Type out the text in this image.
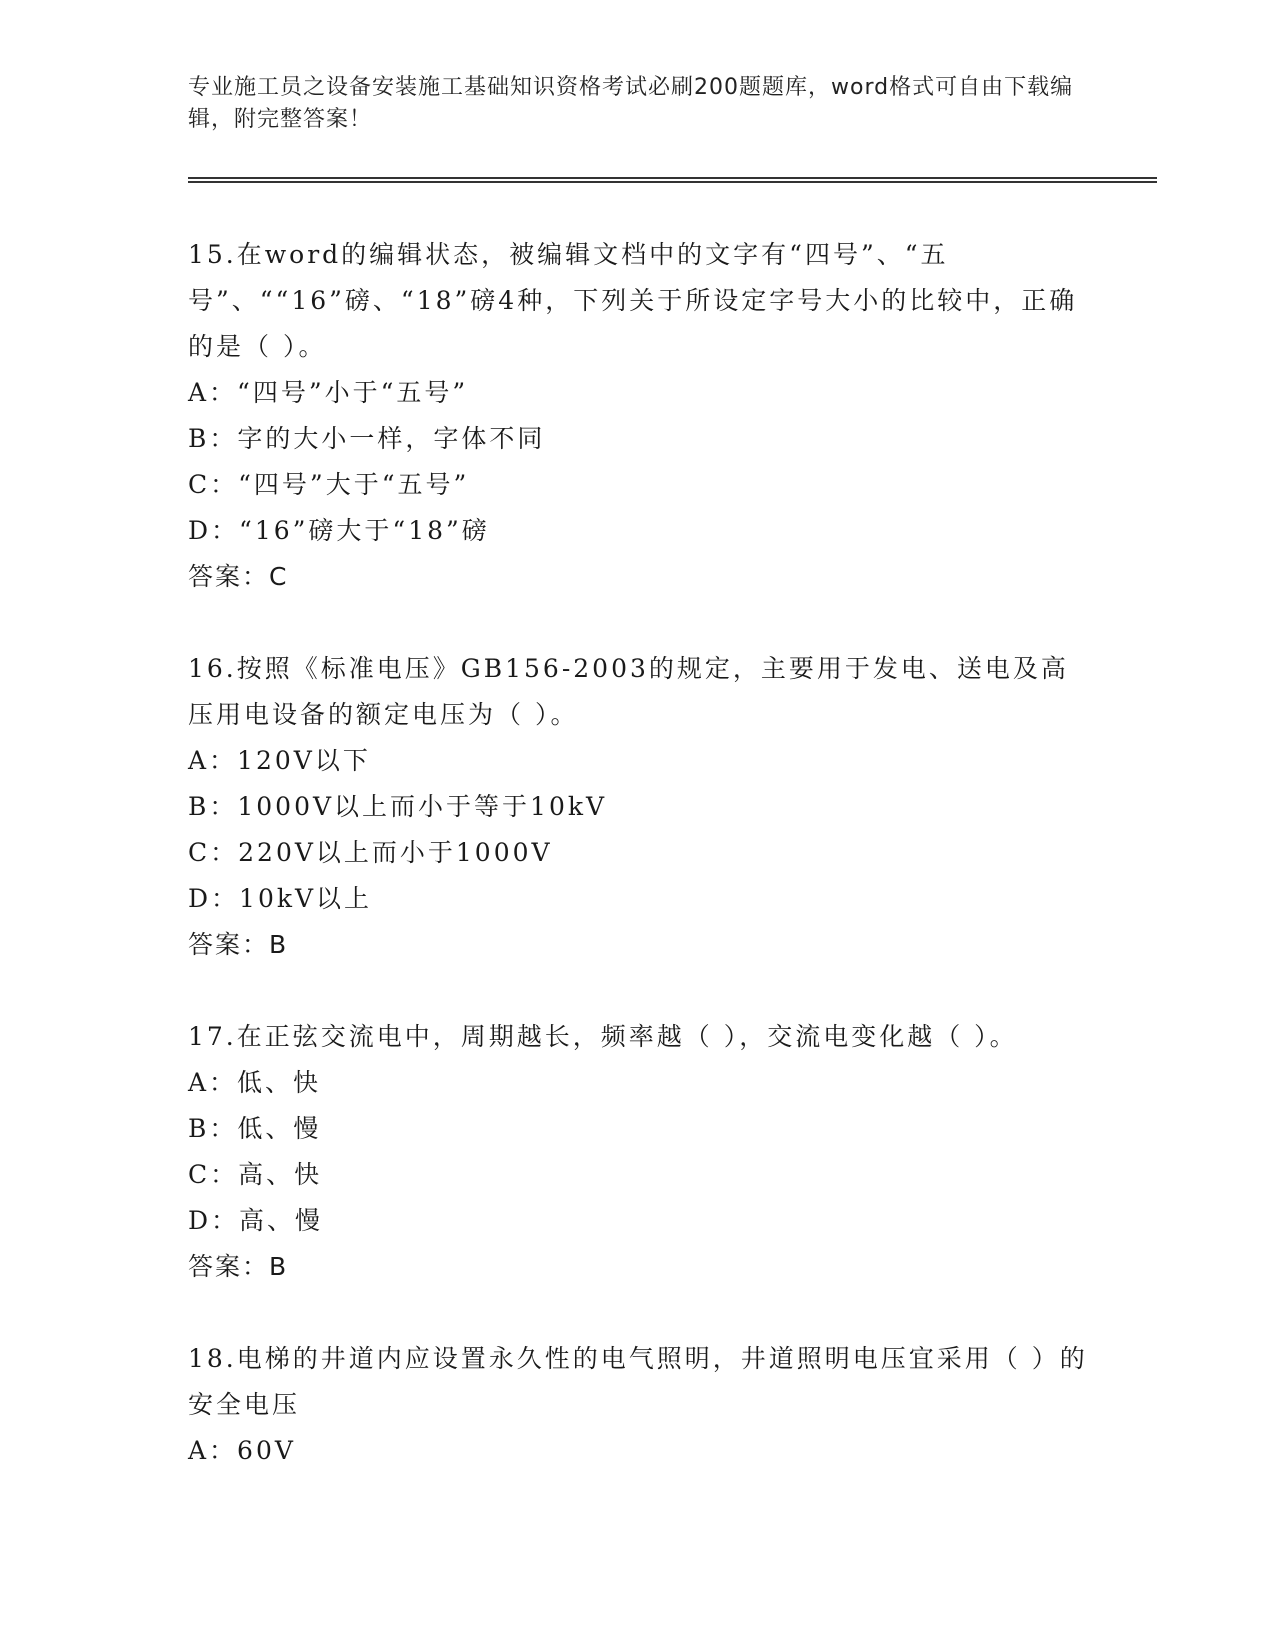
专业施工员之设备安装施工基础知识资格考试必刷200题题库，word格式可自由下载编辑，附完整答案！

15.在word的编辑状态，被编辑文档中的文字有“四号”、“五号”、““16”磅、“18”磅4种，下列关于所设定字号大小的比较中，正确的是（ ）。

A：“四号”小于“五号”

B：字的大小一样，字体不同

C：“四号”大于“五号”

D：“16”磅大于“18”磅

答案：C

16.按照《标准电压》GB156-2003的规定，主要用于发电、送电及高压用电设备的额定电压为（ ）。

A：120V以下

B：1000V以上而小于等于10kV

C：220V以上而小于1000V

D：10kV以上

答案：B

17.在正弦交流电中，周期越长，频率越（ ），交流电变化越（ ）。

A：低、快

B：低、慢

C：高、快

D：高、慢

答案：B

18.电梯的井道内应设置永久性的电气照明，井道照明电压宜采用（ ）的安全电压

A：60V
